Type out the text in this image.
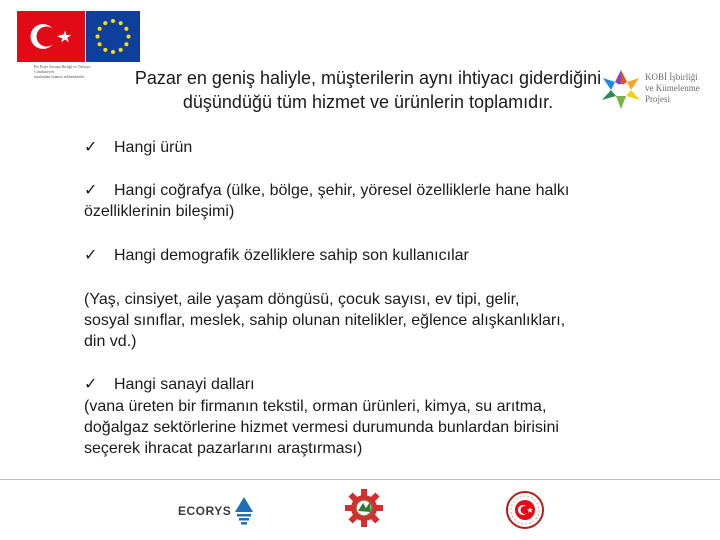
Bu Proje Avrupa Birliği ve Türkiye Cumhuriyeti
tarafından finanse edilmektedir.	KOBİ İşbirliği
ve Kümelenme
Projesi
Pazar en geniş haliyle, müşterilerin aynı ihtiyacı giderdiğini
düşündüğü tüm hizmet ve ürünlerin toplamıdır.
✓ Hangi ürün
✓ Hangi coğrafya (ülke, bölge, şehir, yöresel özelliklerle hane halkı
özelliklerinin bileşimi)
✓ Hangi demografik özelliklere sahip son kullanıcılar
(Yaş, cinsiyet, aile yaşam döngüsü, çocuk sayısı, ev tipi, gelir,
sosyal sınıflar, meslek, sahip olunan nitelikler, eğlence alışkanlıkları,
din vd.)
✓ Hangi sanayi dalları
(vana üreten bir firmanın tekstil, orman ürünleri, kimya, su arıtma,
doğalgaz sektörlerine hizmet vermesi durumunda bunlardan birisini
seçerek ihracat pazarlarını araştırması)
ECORYS
